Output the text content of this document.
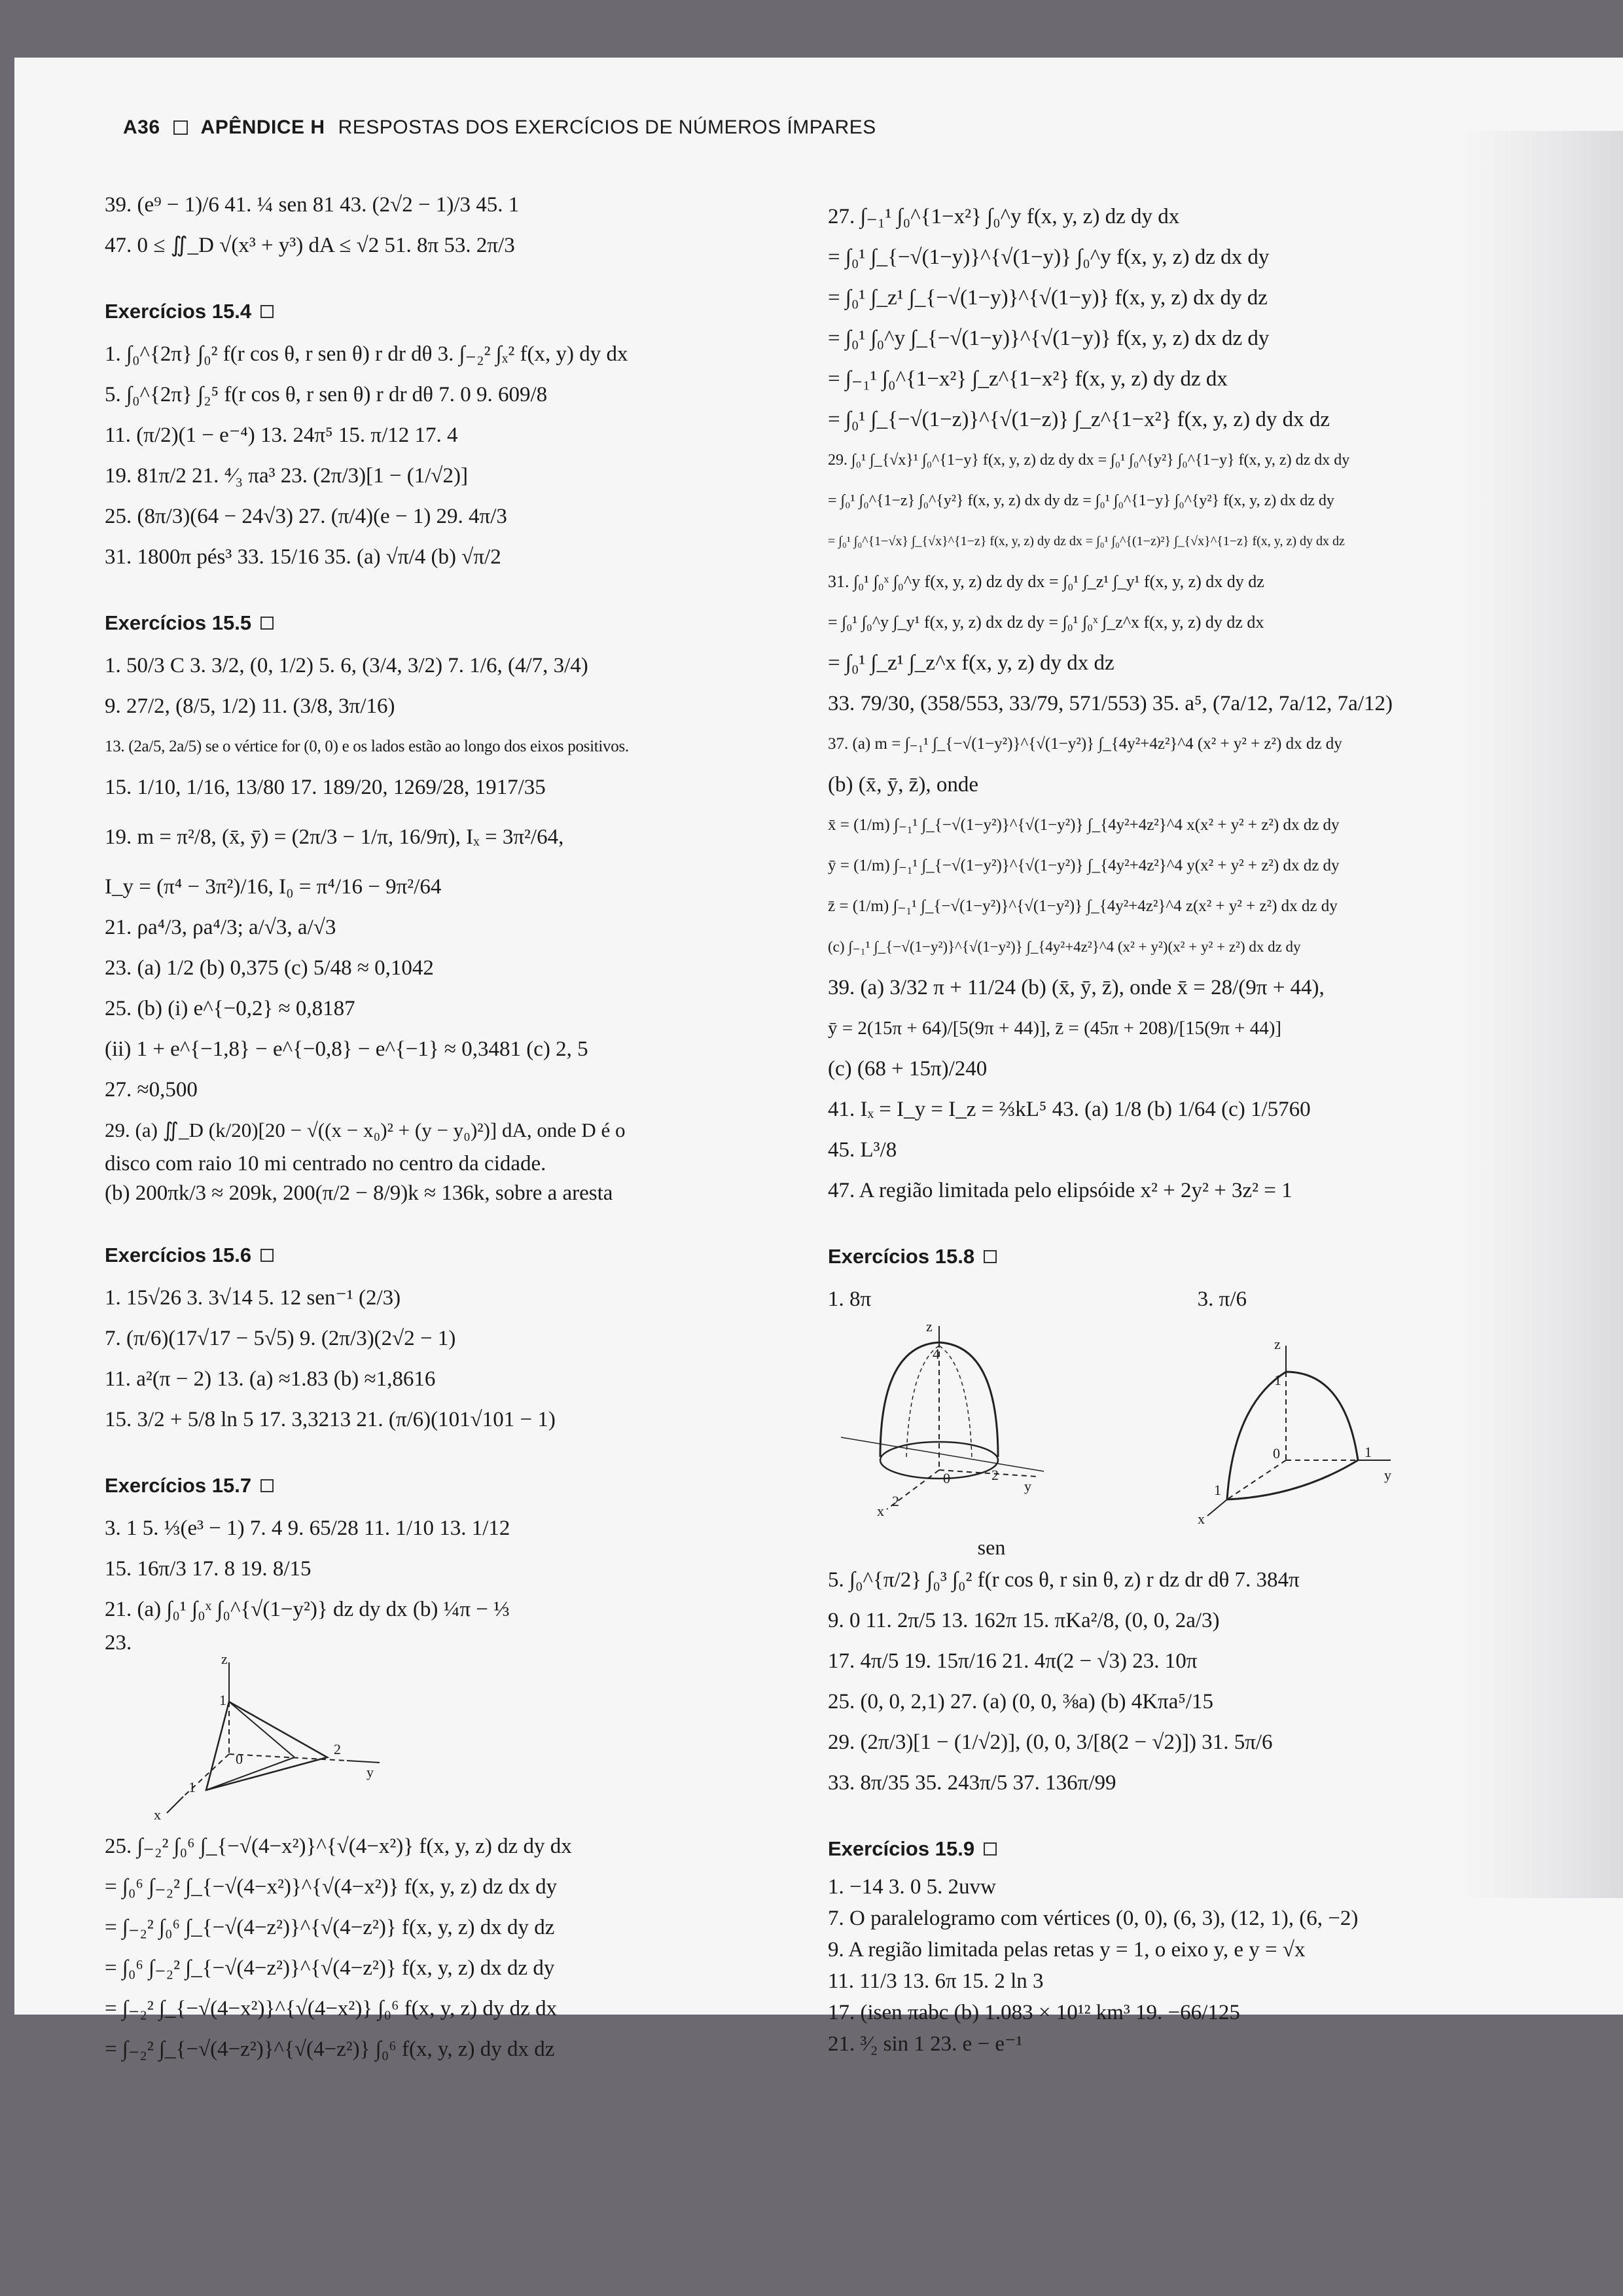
A36 APÊNDICE H RESPOSTAS DOS EXERCÍCIOS DE NÚMEROS ÍMPARES
39. (e⁹ − 1)/6 41. ¼ sen 81 43. (2√2 − 1)/3 45. 1
47. 0 ≤ ∬_D √(x³ + y³) dA ≤ √2 51. 8π 53. 2π/3
Exercícios 15.4
1. ∫₀^{2π} ∫₀² f(r cos θ, r sen θ) r dr dθ 3. ∫₋₂² ∫ₓ² f(x, y) dy dx
5. ∫₀^{2π} ∫₂⁵ f(r cos θ, r sen θ) r dr dθ 7. 0 9. 609/8
11. (π/2)(1 − e⁻⁴) 13. 24π⁵ 15. π/12 17. 4
19. 81π/2 21. ⁴⁄₃ πa³ 23. (2π/3)[1 − (1/√2)]
25. (8π/3)(64 − 24√3) 27. (π/4)(e − 1) 29. 4π/3
31. 1800π pés³ 33. 15/16 35. (a) √π/4 (b) √π/2
Exercícios 15.5
1. 50/3 C 3. 3/2, (0, 1/2) 5. 6, (3/4, 3/2) 7. 1/6, (4/7, 3/4)
9. 27/2, (8/5, 1/2) 11. (3/8, 3π/16)
13. (2a/5, 2a/5) se o vértice for (0, 0) e os lados estão ao longo dos eixos positivos.
15. 1/10, 1/16, 13/80 17. 189/20, 1269/28, 1917/35
19. m = π²/8, (x̄, ȳ) = (2π/3 − 1/π, 16/9π), Iₓ = 3π²/64,
I_y = (π⁴ − 3π²)/16, I₀ = π⁴/16 − 9π²/64
21. ρa⁴/3, ρa⁴/3; a/√3, a/√3
23. (a) 1/2 (b) 0,375 (c) 5/48 ≈ 0,1042
25. (b) (i) e^{−0,2} ≈ 0,8187
(ii) 1 + e^{−1,8} − e^{−0,8} − e^{−1} ≈ 0,3481 (c) 2, 5
27. ≈0,500
29. (a) ∬_D (k/20)[20 − √((x − x₀)² + (y − y₀)²)] dA, onde D é o
disco com raio 10 mi centrado no centro da cidade.
(b) 200πk/3 ≈ 209k, 200(π/2 − 8/9)k ≈ 136k, sobre a aresta
Exercícios 15.6
1. 15√26 3. 3√14 5. 12 sen⁻¹ (2/3)
7. (π/6)(17√17 − 5√5) 9. (2π/3)(2√2 − 1)
11. a²(π − 2) 13. (a) ≈1.83 (b) ≈1,8616
15. 3/2 + 5/8 ln 5 17. 3,3213 21. (π/6)(101√101 − 1)
Exercícios 15.7
3. 1 5. ⅓(e³ − 1) 7. 4 9. 65/28 11. 1/10 13. 1/12
15. 16π/3 17. 8 19. 8/15
21. (a) ∫₀¹ ∫₀ˣ ∫₀^{√(1−y²)} dz dy dx (b) ¼π − ⅓
23.
z
1
0
1
2
x
y
25. ∫₋₂² ∫₀⁶ ∫_{−√(4−x²)}^{√(4−x²)} f(x, y, z) dz dy dx
= ∫₀⁶ ∫₋₂² ∫_{−√(4−x²)}^{√(4−x²)} f(x, y, z) dz dx dy
= ∫₋₂² ∫₀⁶ ∫_{−√(4−z²)}^{√(4−z²)} f(x, y, z) dx dy dz
= ∫₀⁶ ∫₋₂² ∫_{−√(4−z²)}^{√(4−z²)} f(x, y, z) dx dz dy
= ∫₋₂² ∫_{−√(4−x²)}^{√(4−x²)} ∫₀⁶ f(x, y, z) dy dz dx
= ∫₋₂² ∫_{−√(4−z²)}^{√(4−z²)} ∫₀⁶ f(x, y, z) dy dx dz
27. ∫₋₁¹ ∫₀^{1−x²} ∫₀^y f(x, y, z) dz dy dx
= ∫₀¹ ∫_{−√(1−y)}^{√(1−y)} ∫₀^y f(x, y, z) dz dx dy
= ∫₀¹ ∫_z¹ ∫_{−√(1−y)}^{√(1−y)} f(x, y, z) dx dy dz
= ∫₀¹ ∫₀^y ∫_{−√(1−y)}^{√(1−y)} f(x, y, z) dx dz dy
= ∫₋₁¹ ∫₀^{1−x²} ∫_z^{1−x²} f(x, y, z) dy dz dx
= ∫₀¹ ∫_{−√(1−z)}^{√(1−z)} ∫_z^{1−x²} f(x, y, z) dy dx dz
29. ∫₀¹ ∫_{√x}¹ ∫₀^{1−y} f(x, y, z) dz dy dx = ∫₀¹ ∫₀^{y²} ∫₀^{1−y} f(x, y, z) dz dx dy
= ∫₀¹ ∫₀^{1−z} ∫₀^{y²} f(x, y, z) dx dy dz = ∫₀¹ ∫₀^{1−y} ∫₀^{y²} f(x, y, z) dx dz dy
= ∫₀¹ ∫₀^{1−√x} ∫_{√x}^{1−z} f(x, y, z) dy dz dx = ∫₀¹ ∫₀^{(1−z)²} ∫_{√x}^{1−z} f(x, y, z) dy dx dz
31. ∫₀¹ ∫₀ˣ ∫₀^y f(x, y, z) dz dy dx = ∫₀¹ ∫_z¹ ∫_y¹ f(x, y, z) dx dy dz
= ∫₀¹ ∫₀^y ∫_y¹ f(x, y, z) dx dz dy = ∫₀¹ ∫₀ˣ ∫_z^x f(x, y, z) dy dz dx
= ∫₀¹ ∫_z¹ ∫_z^x f(x, y, z) dy dx dz
33. 79/30, (358/553, 33/79, 571/553) 35. a⁵, (7a/12, 7a/12, 7a/12)
37. (a) m = ∫₋₁¹ ∫_{−√(1−y²)}^{√(1−y²)} ∫_{4y²+4z²}^4 (x² + y² + z²) dx dz dy
(b) (x̄, ȳ, z̄), onde
x̄ = (1/m) ∫₋₁¹ ∫_{−√(1−y²)}^{√(1−y²)} ∫_{4y²+4z²}^4 x(x² + y² + z²) dx dz dy
ȳ = (1/m) ∫₋₁¹ ∫_{−√(1−y²)}^{√(1−y²)} ∫_{4y²+4z²}^4 y(x² + y² + z²) dx dz dy
z̄ = (1/m) ∫₋₁¹ ∫_{−√(1−y²)}^{√(1−y²)} ∫_{4y²+4z²}^4 z(x² + y² + z²) dx dz dy
(c) ∫₋₁¹ ∫_{−√(1−y²)}^{√(1−y²)} ∫_{4y²+4z²}^4 (x² + y²)(x² + y² + z²) dx dz dy
39. (a) 3/32 π + 11/24 (b) (x̄, ȳ, z̄), onde x̄ = 28/(9π + 44),
ȳ = 2(15π + 64)/[5(9π + 44)], z̄ = (45π + 208)/[15(9π + 44)]
(c) (68 + 15π)/240
41. Iₓ = I_y = I_z = ⅔kL⁵ 43. (a) 1/8 (b) 1/64 (c) 1/5760
45. L³/8
47. A região limitada pelo elipsóide x² + 2y² + 3z² = 1
Exercícios 15.8
1. 8π	3. π/6
z
4
0
2
2
x
y
z
1
0	1
1
x
y
sen
5. ∫₀^{π/2} ∫₀³ ∫₀² f(r cos θ, r sin θ, z) r dz dr dθ 7. 384π
9. 0 11. 2π/5 13. 162π 15. πKa²/8, (0, 0, 2a/3)
17. 4π/5 19. 15π/16 21. 4π(2 − √3) 23. 10π
25. (0, 0, 2,1) 27. (a) (0, 0, ⅜a) (b) 4Kπa⁵/15
29. (2π/3)[1 − (1/√2)], (0, 0, 3/[8(2 − √2)]) 31. 5π/6
33. 8π/35 35. 243π/5 37. 136π/99
Exercícios 15.9
1. −14 3. 0 5. 2uvw
7. O paralelogramo com vértices (0, 0), (6, 3), (12, 1), (6, −2)
9. A região limitada pelas retas y = 1, o eixo y, e y = √x
11. 11/3 13. 6π 15. 2 ln 3
17. (isen πabc (b) 1.083 × 10¹² km³ 19. −66/125
21. ³⁄₂ sin 1 23. e − e⁻¹
